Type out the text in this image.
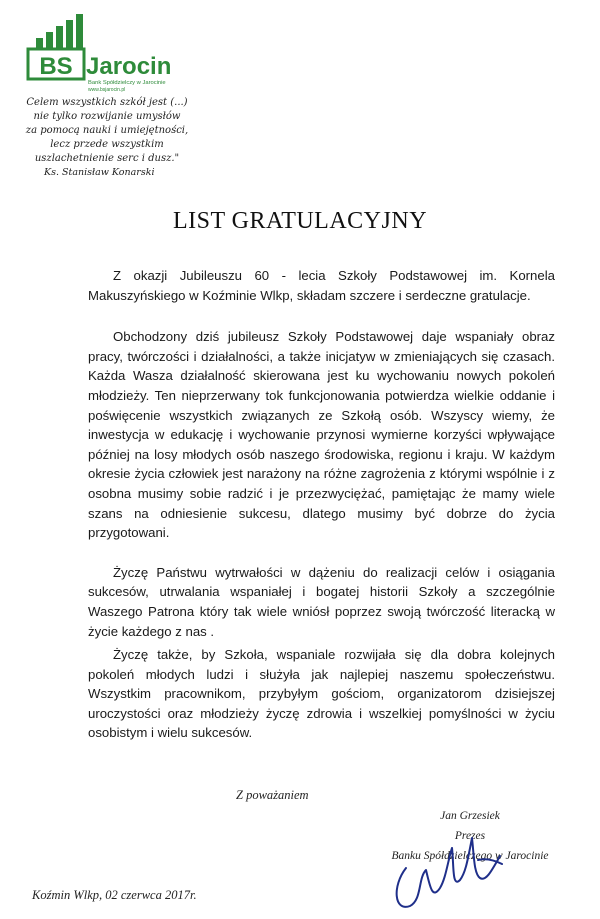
BS Jarocin
Bank Spółdzielczy w Jarocinie
www.bsjarocin.pl
Celem wszystkich szkół jest (...)
nie tylko rozwijanie umysłów
za pomocą nauki i umiejętności,
lecz przede wszystkim
uszlachetnienie serc i dusz."
Ks. Stanisław Konarski
LIST GRATULACYJNY

Z okazji Jubileuszu 60 - lecia Szkoły Podstawowej im. Kornela Makuszyńskiego w Koźminie Wlkp, składam szczere i serdeczne gratulacje.

Obchodzony dziś jubileusz Szkoły Podstawowej daje wspaniały obraz pracy, twórczości i działalności, a także inicjatyw w zmieniających się czasach. Każda Wasza działalność skierowana jest ku wychowaniu nowych pokoleń młodzieży. Ten nieprzerwany tok funkcjonowania potwierdza wielkie oddanie i poświęcenie wszystkich związanych ze Szkołą osób. Wszyscy wiemy, że inwestycja w edukację i wychowanie przynosi wymierne korzyści wpływające później na losy młodych osób naszego środowiska, regionu i kraju. W każdym okresie życia człowiek jest narażony na różne zagrożenia z którymi wspólnie i z osobna musimy sobie radzić i je przezwyciężać, pamiętając że mamy wiele szans na odniesienie sukcesu, dlatego musimy być dobrze do życia przygotowani.

Życzę Państwu wytrwałości w dążeniu do realizacji celów i osiągania sukcesów, utrwalania wspaniałej i bogatej historii Szkoły a szczególnie Waszego Patrona który tak wiele wniósł poprzez swoją twórczość literacką w życie każdego z nas .

Życzę także, by Szkoła, wspaniale rozwijała się dla dobra kolejnych pokoleń młodych ludzi i służyła jak najlepiej naszemu społeczeństwu. Wszystkim pracownikom, przybyłym gościom, organizatorom dzisiejszej uroczystości oraz młodzieży życzę zdrowia i wszelkiej pomyślności w życiu osobistym i wielu sukcesów.

Z poważaniem
Jan Grzesiek
Prezes
Banku Spółdzielczego w Jarocinie
Koźmin Wlkp, 02 czerwca 2017r.
